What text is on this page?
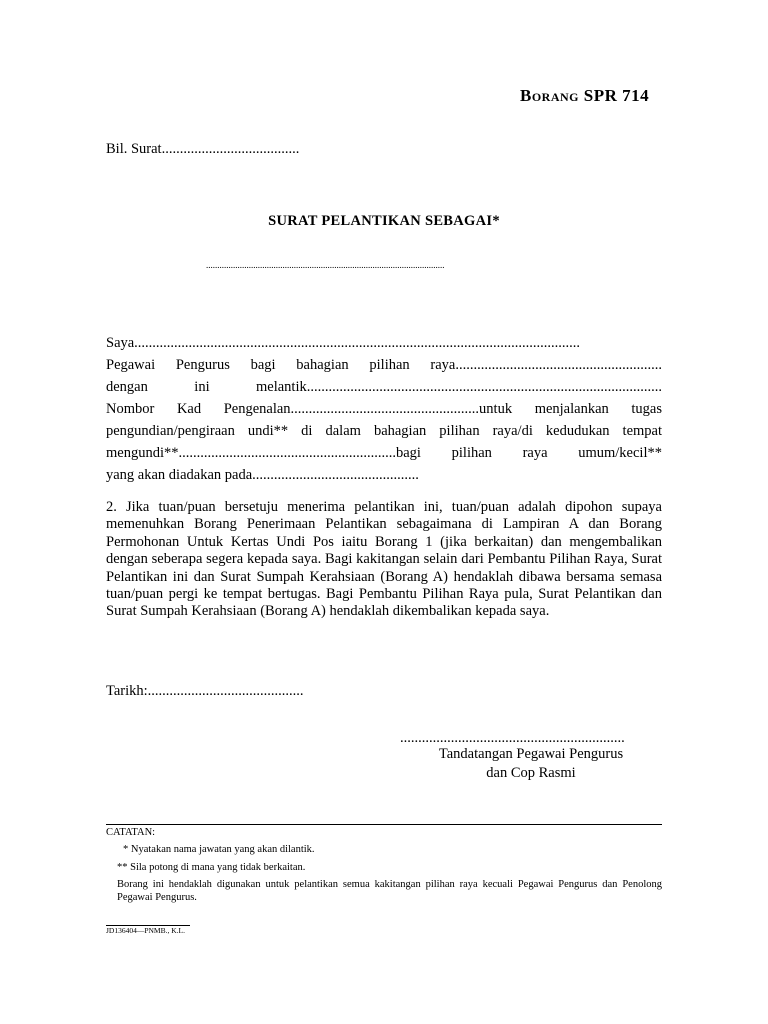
Borang SPR 714
Bil. Surat......................................
SURAT PELANTIKAN SEBAGAI*
..........................................................................................................
Saya...........................................................................................................................
Pegawai Pengurus bagi bahagian pilihan raya.........................................................
dengan ini melantik..................................................................................................
Nombor Kad Pengenalan....................................................untuk menjalankan tugas
pengundian/pengiraan undi** di dalam bahagian pilihan raya/di kedudukan tempat
mengundi**............................................................bagi pilihan raya umum/kecil**
yang akan diadakan pada..............................................
2. Jika tuan/puan bersetuju menerima pelantikan ini, tuan/puan adalah dipohon supaya memenuhkan Borang Penerimaan Pelantikan sebagaimana di Lampiran A dan Borang Permohonan Untuk Kertas Undi Pos iaitu Borang 1 (jika berkaitan) dan mengembalikan dengan seberapa segera kepada saya. Bagi kakitangan selain dari Pembantu Pilihan Raya, Surat Pelantikan ini dan Surat Sumpah Kerahsiaan (Borang A) hendaklah dibawa bersama semasa tuan/puan pergi ke tempat bertugas. Bagi Pembantu Pilihan Raya pula, Surat Pelantikan dan Surat Sumpah Kerahsiaan (Borang A) hendaklah dikembalikan kepada saya.
Tarikh:...........................................
..............................................................
Tandatangan Pegawai Pengurus
dan Cop Rasmi
CATATAN:
* Nyatakan nama jawatan yang akan dilantik.
** Sila potong di mana yang tidak berkaitan.
Borang ini hendaklah digunakan untuk pelantikan semua kakitangan pilihan raya kecuali Pegawai Pengurus dan Penolong Pegawai Pengurus.
JD136404—PNMB., K.L.
